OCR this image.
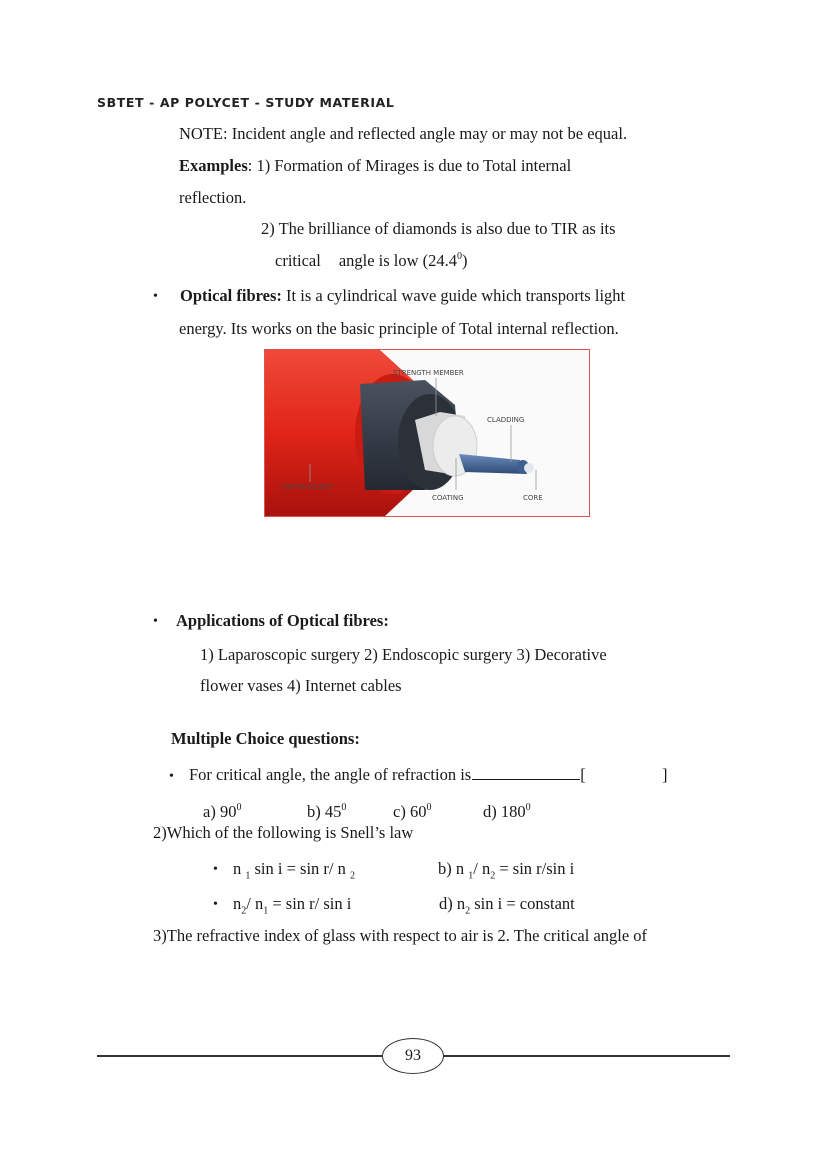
SBTET - AP POLYCET - STUDY MATERIAL
NOTE: Incident angle and reflected angle may or may not be equal.
Examples: 1) Formation of Mirages is due to Total internal
reflection.
2) The brilliance of diamonds is also due to TIR as its
critical angle is low (24.4$^0$)
• Optical fibres: It is a cylindrical wave guide which transports light
energy. Its works on the basic principle of Total internal reflection.
STRENGTH MEMBER
CLADDING
OUTER JACKET
COATING	CORE
• Applications of Optical fibres:
1) Laparoscopic surgery 2) Endoscopic surgery 3) Decorative
flower vases 4) Internet cables
Multiple Choice questions:
• For critical angle, the angle of refraction is	[	]
a) $90^0$	b) $45^0$	c) $60^0$	d) $180^0$
2)Which of the following is Snell’s law
• n $_1$ sin i = sin r/ n $_2$	b) n $_1$/ $n_2 = \sin r/\sin$ i
• $n_2/$ $n_1 = \sin r/$ sin i	d) $n_2$ sin i = constant
3)The refractive index of glass with respect to air is 2. The critical angle of
93
